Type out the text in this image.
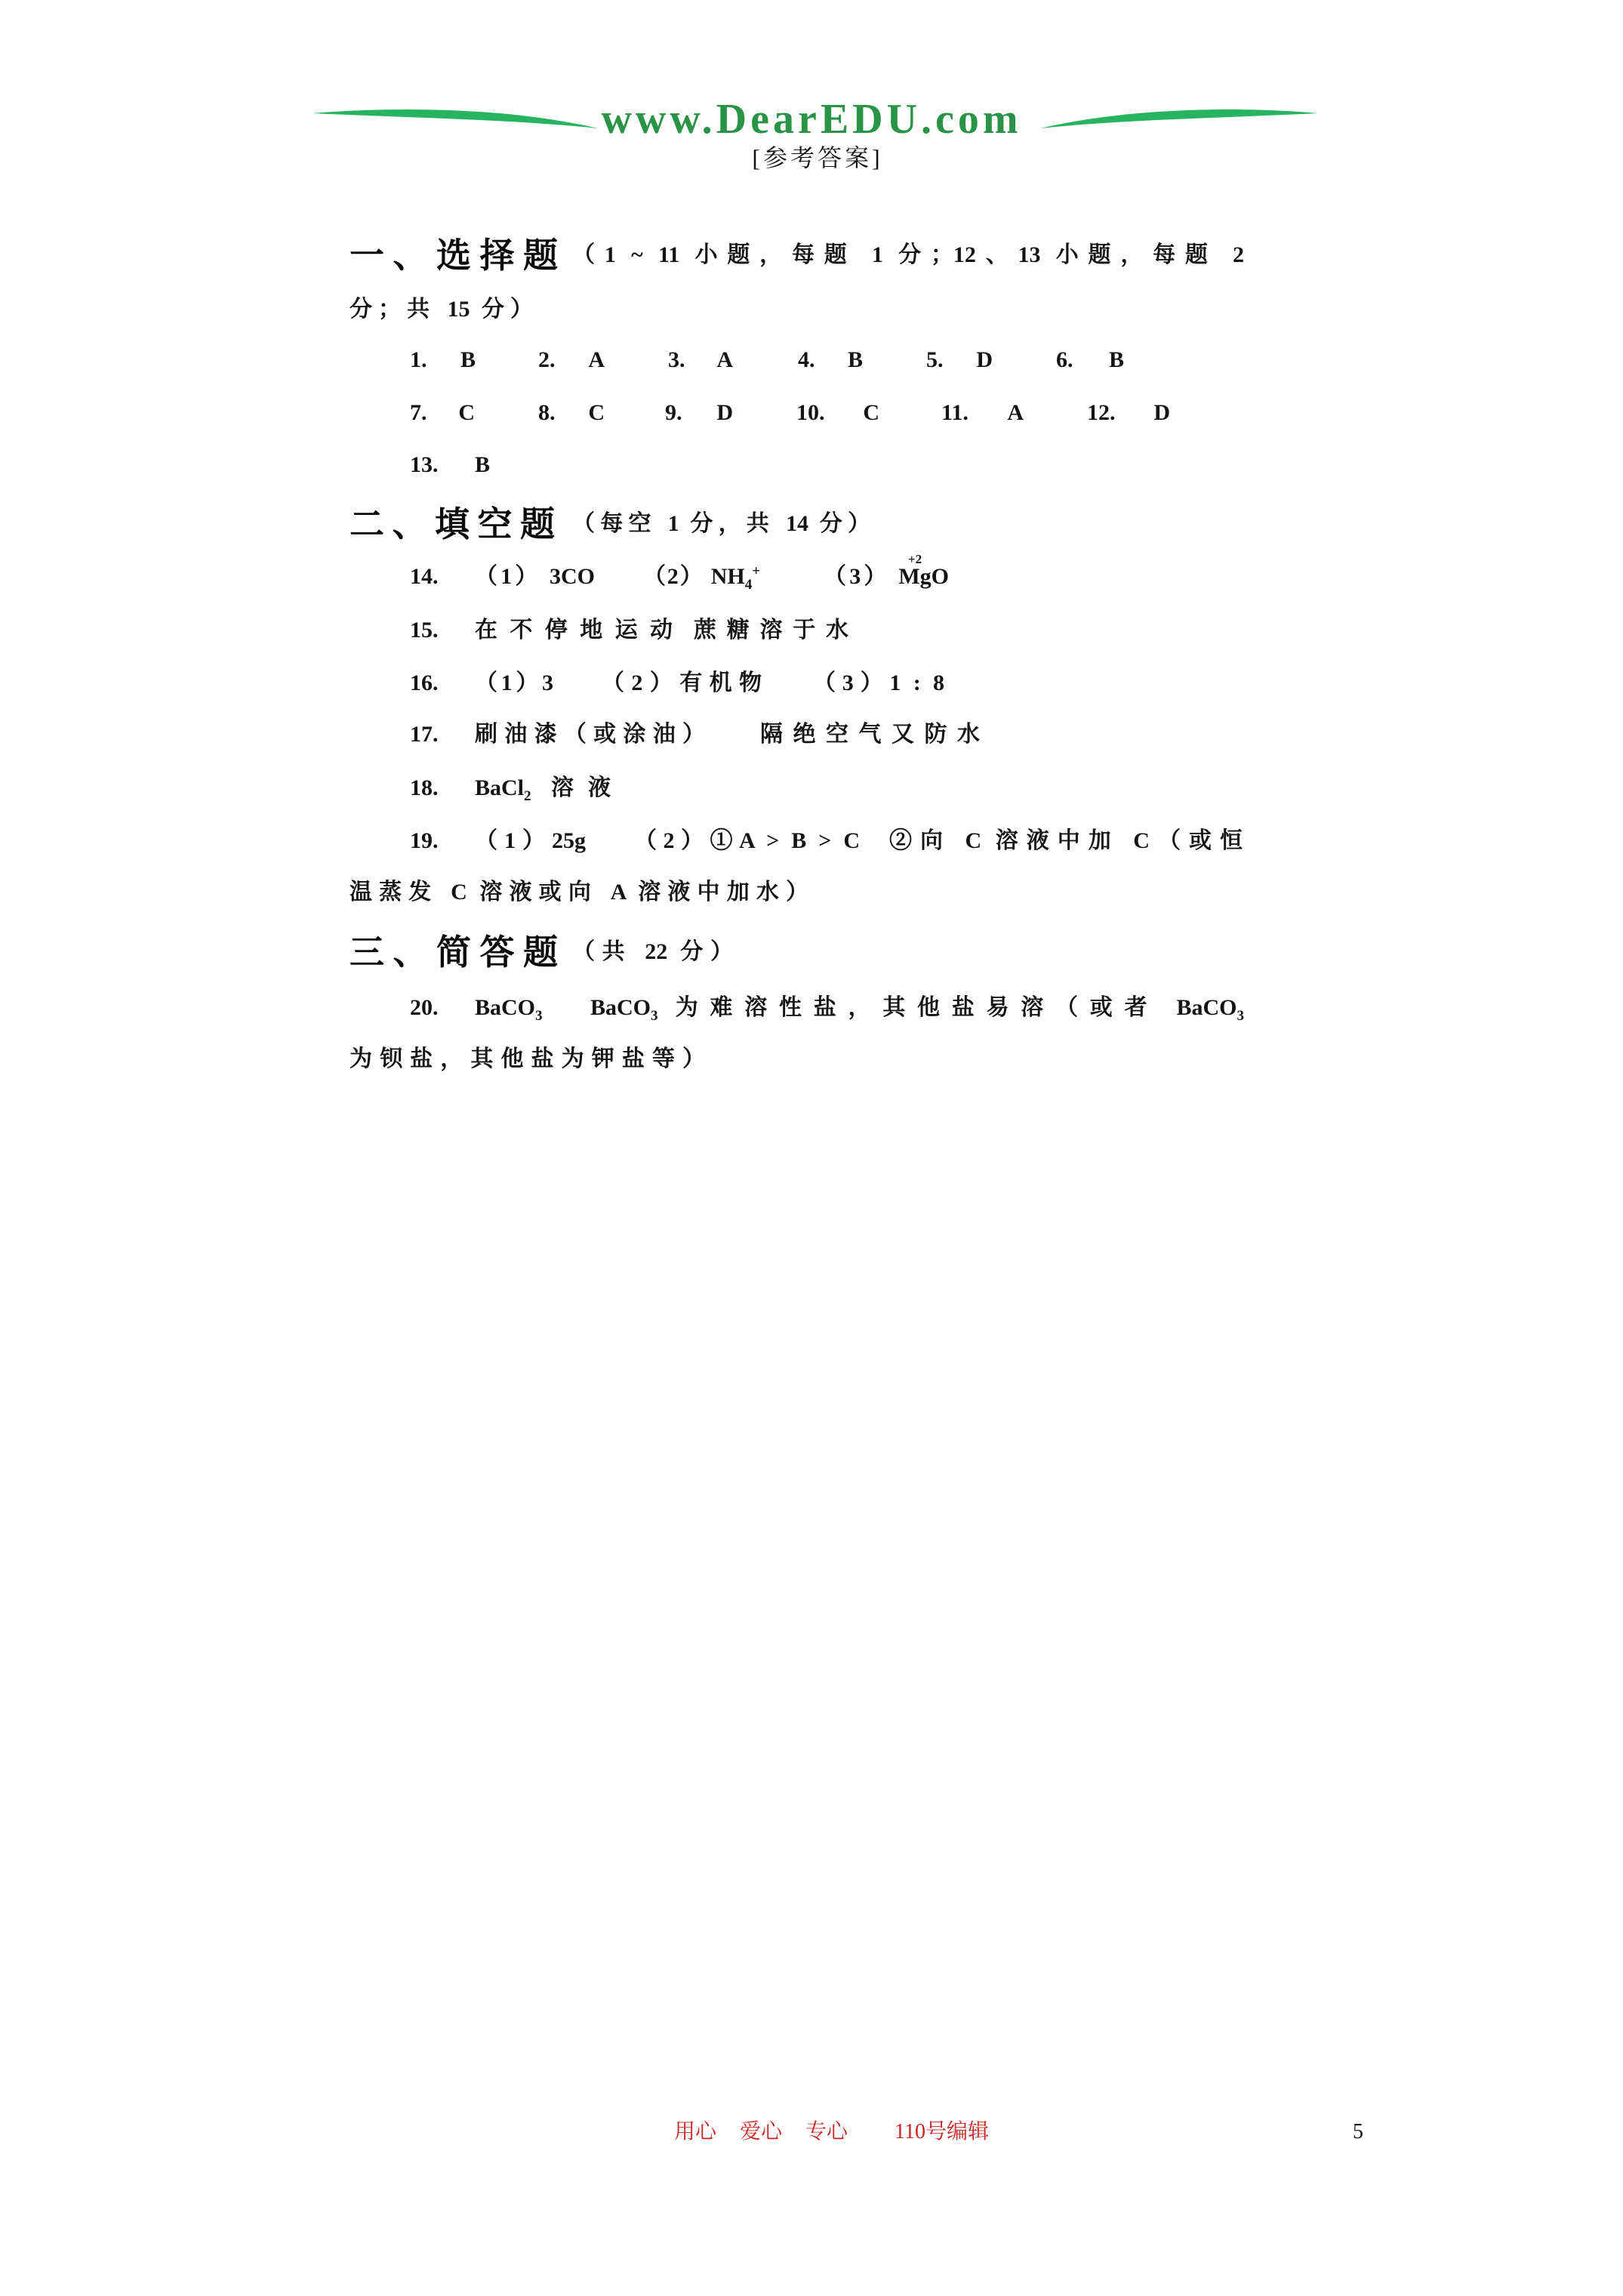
www.DearEDU.com
[参考答案]
一、选择题 （1 ~ 11 小题，每题 1 分；12、13 小题，每题 2
分；共 15 分）
1. B	2. A	3. A	4. B	5. D	6. B
7. C	8. C	9. D	10. C	11. A	12. D
13. B
二、填空题 （每空 1 分，共 14 分）
14. （1） 3CO （2） $NH_4^+$	（3） Mg
+2
O
15. 在不停地运动 蔗糖溶于水
16. （1）3 （2）有机物 （3）1 : 8
17. 刷油漆（或涂油） 隔绝空气又防水
18. BaCl$_2$ 溶液
19. （1）25g （2）①A > B > C ②向 C 溶液中加 C（或恒
温蒸发 C 溶液或向 A 溶液中加水）
三、简答题 （共 22 分）
20. BaCO$_3$ BaCO$_3$ 为难溶性盐，其他盐易溶（或者 BaCO$_3$
为钡盐，其他盐为钾盐等）
用心 爱心 专心  110号编辑	5
